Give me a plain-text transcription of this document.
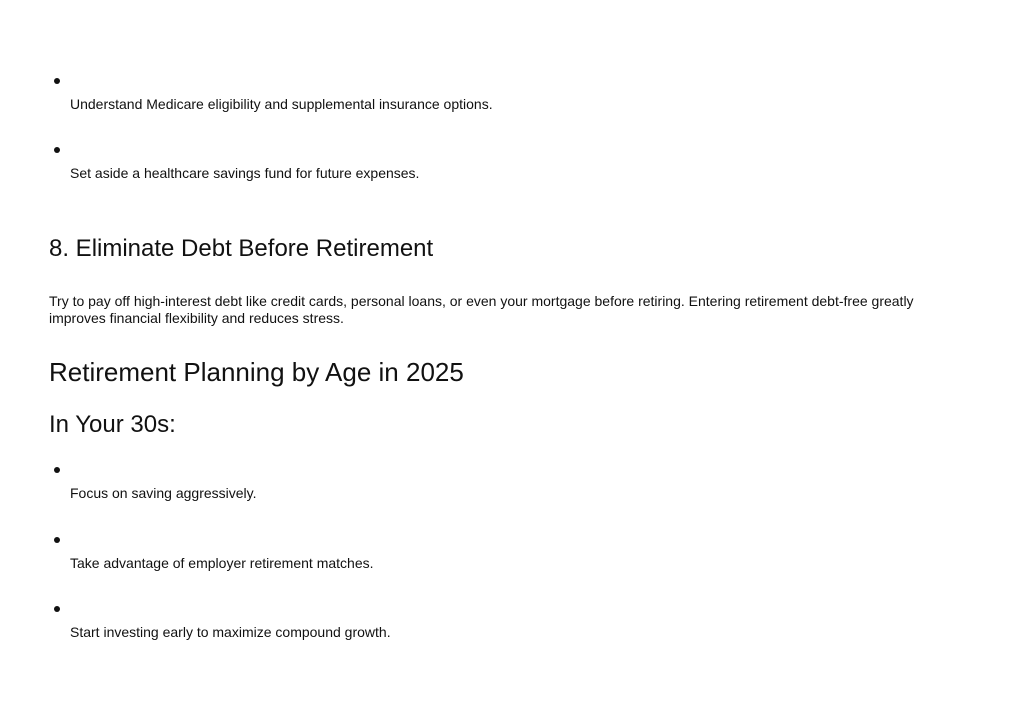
Understand Medicare eligibility and supplemental insurance options.
Set aside a healthcare savings fund for future expenses.
8. Eliminate Debt Before Retirement

Try to pay off high-interest debt like credit cards, personal loans, or even your mortgage before retiring. Entering retirement debt-free greatly improves financial flexibility and reduces stress.

Retirement Planning by Age in 2025
In Your 30s:
Focus on saving aggressively.
Take advantage of employer retirement matches.
Start investing early to maximize compound growth.
